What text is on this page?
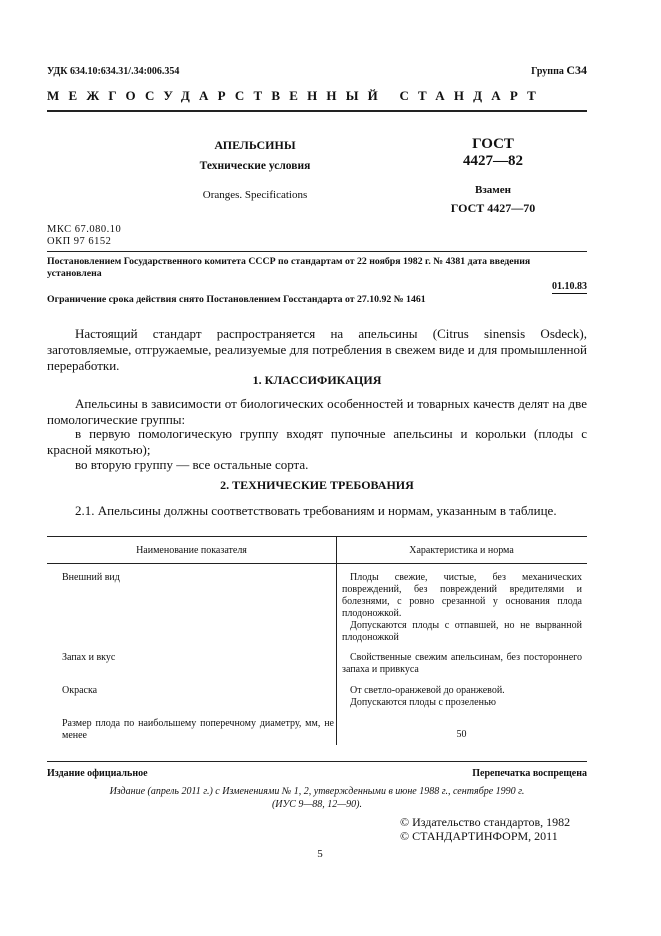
УДК 634.10:634.31/.34:006.354	Группа С34
МЕЖГОСУДАРСТВЕННЫЙ СТАНДАРТ
АПЕЛЬСИНЫ
Технические условия
Oranges. Specifications
ГОСТ
4427—82
Взамен
ГОСТ 4427—70
МКС 67.080.10
ОКП 97 6152
Постановлением Государственного комитета СССР по стандартам от 22 ноября 1982 г. № 4381 дата введения установлена
01.10.83
Ограничение срока действия снято Постановлением Госстандарта от 27.10.92 № 1461
Настоящий стандарт распространяется на апельсины (Citrus sinensis Osdeck), заготовляемые, отгружаемые, реализуемые для потребления в свежем виде и для промышленной переработки.
1. КЛАССИФИКАЦИЯ
Апельсины в зависимости от биологических особенностей и товарных качеств делят на две помологические группы:
в первую помологическую группу входят пупочные апельсины и корольки (плоды с красной мякотью);
во вторую группу — все остальные сорта.
2. ТЕХНИЧЕСКИЕ ТРЕБОВАНИЯ
2.1. Апельсины должны соответствовать требованиям и нормам, указанным в таблице.
Наименование показателя	Характеристика и норма
Внешний вид	Плоды свежие, чистые, без механических повреждений, без повреждений вредителями и болезнями, с ровно срезанной у основания плода плодоножкой.
Допускаются плоды с отпавшей, но не вырванной плодоножкой
Запах и вкус	Свойственные свежим апельсинам, без постороннего запаха и привкуса
Окраска	От светло-оранжевой до оранжевой.
Допускаются плоды с прозеленью
Размер плода по наибольшему поперечному диаметру, мм, не менее	50
Издание официальное	Перепечатка воспрещена
Издание (апрель 2011 г.) с Изменениями № 1, 2, утвержденными в июне 1988 г., сентябре 1990 г.
(ИУС 9—88, 12—90).
© Издательство стандартов, 1982
© СТАНДАРТИНФОРМ, 2011
5
